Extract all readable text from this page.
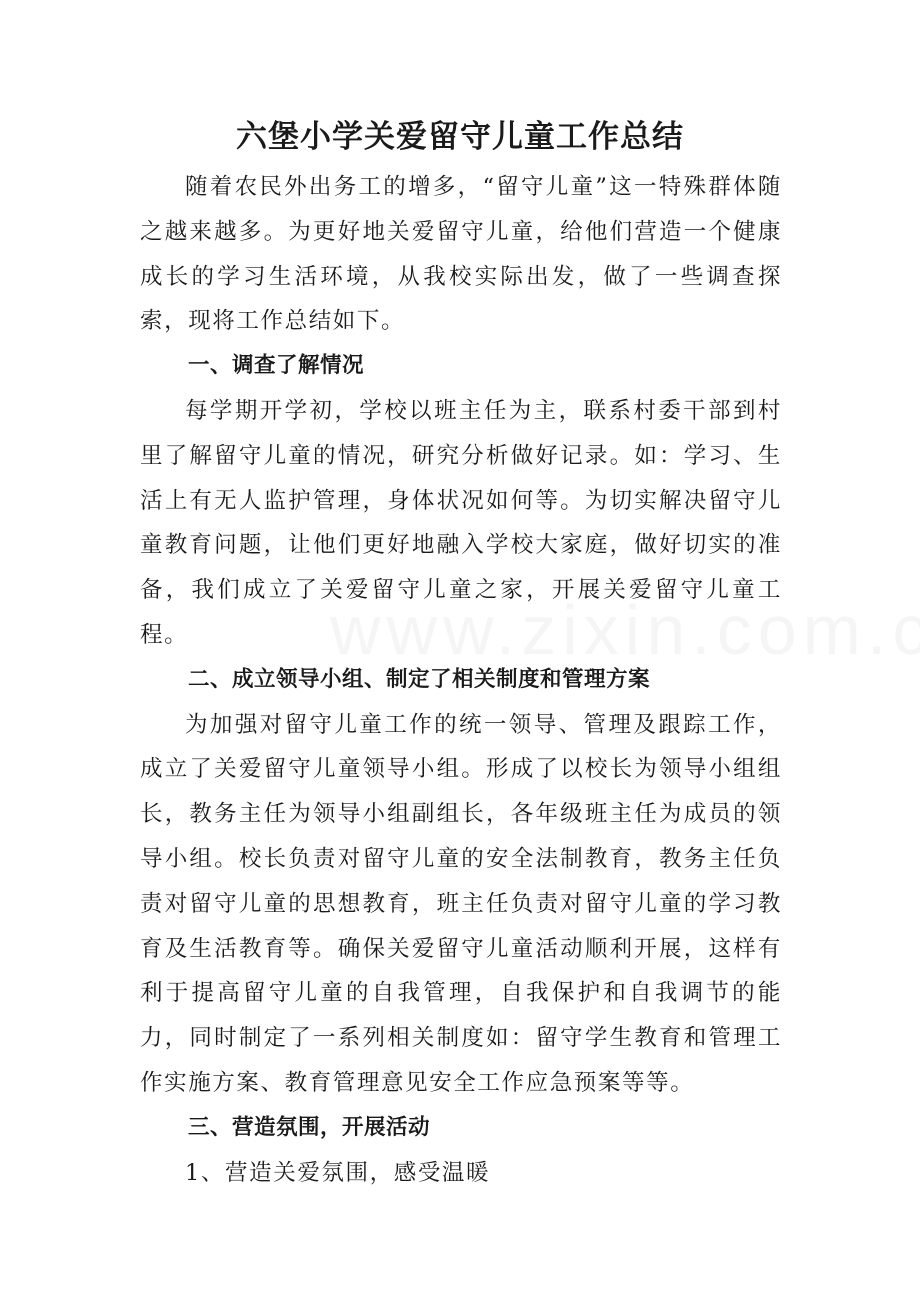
六堡小学关爱留守儿童工作总结

随着农民外出务工的增多，“留守儿童”这一特殊群体随之越来越多。为更好地关爱留守儿童，给他们营造一个健康成长的学习生活环境，从我校实际出发，做了一些调查探索，现将工作总结如下。

一、调查了解情况

每学期开学初，学校以班主任为主，联系村委干部到村里了解留守儿童的情况，研究分析做好记录。如：学习、生活上有无人监护管理，身体状况如何等。为切实解决留守儿童教育问题，让他们更好地融入学校大家庭，做好切实的准备，我们成立了关爱留守儿童之家，开展关爱留守儿童工程。

二、成立领导小组、制定了相关制度和管理方案

为加强对留守儿童工作的统一领导、管理及跟踪工作，成立了关爱留守儿童领导小组。形成了以校长为领导小组组长，教务主任为领导小组副组长，各年级班主任为成员的领导小组。校长负责对留守儿童的安全法制教育，教务主任负责对留守儿童的思想教育，班主任负责对留守儿童的学习教育及生活教育等。确保关爱留守儿童活动顺利开展，这样有利于提高留守儿童的自我管理，自我保护和自我调节的能力，同时制定了一系列相关制度如：留守学生教育和管理工作实施方案、教育管理意见安全工作应急预案等等。

三、营造氛围，开展活动

1、营造关爱氛围，感受温暖
